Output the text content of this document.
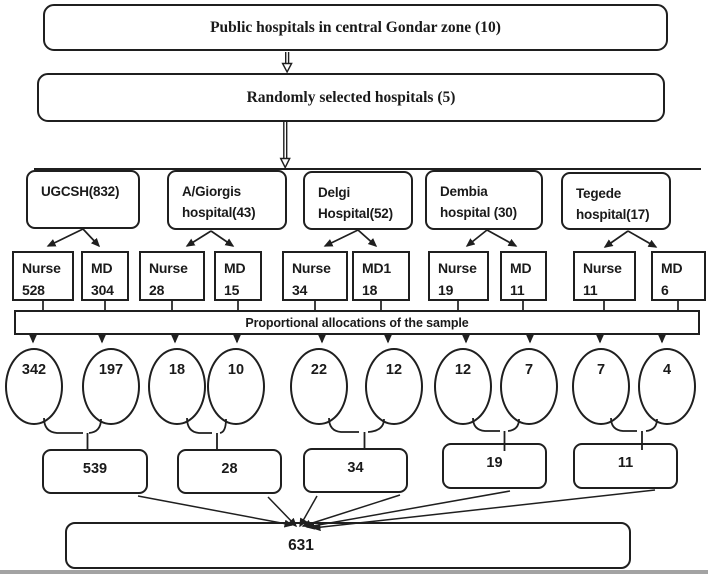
Public hospitals in central Gondar zone (10)
Randomly selected hospitals (5)
UGCSH(832)	A/Giorgis
hospital(43)
Delgi
Hospital(52)
Dembia
hospital (30)
Tegede
hospital(17)
Nurse
528
MD
304
Nurse
28
MD
15
Nurse
34
MD1
18
Nurse
19
MD
11
Nurse
11
MD
6
Proportional allocations of the sample
342	197	18	10	22	12	12	7	7	4
539	28	34	19	11
631
